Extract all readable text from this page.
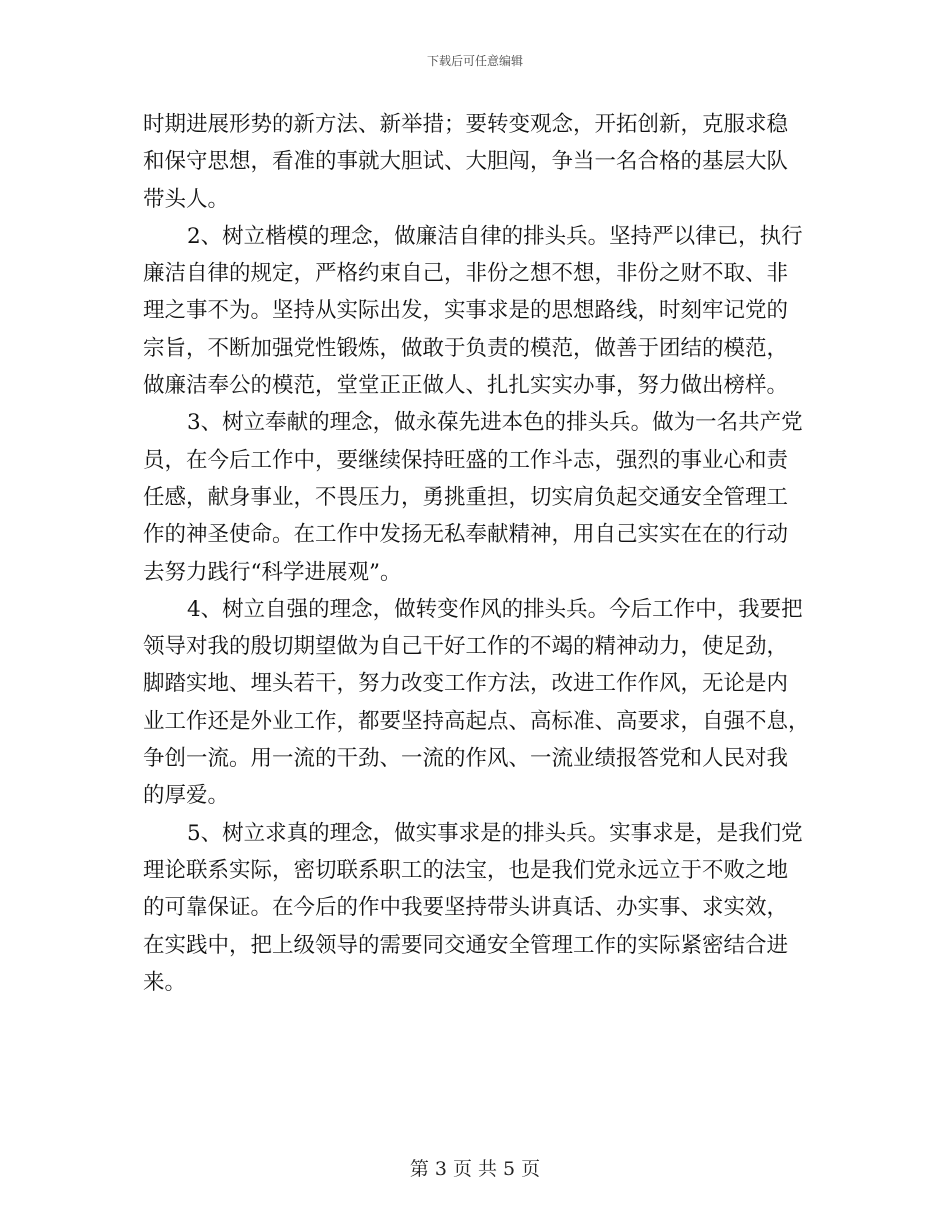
下载后可任意编辑
时期进展形势的新方法、新举措；要转变观念，开拓创新，克服求稳
和保守思想，看准的事就大胆试、大胆闯，争当一名合格的基层大队
带头人。
2、树立楷模的理念，做廉洁自律的排头兵。坚持严以律已，执行
廉洁自律的规定，严格约束自己，非份之想不想，非份之财不取、非
理之事不为。坚持从实际出发，实事求是的思想路线，时刻牢记党的
宗旨，不断加强党性锻炼，做敢于负责的模范，做善于团结的模范，
做廉洁奉公的模范，堂堂正正做人、扎扎实实办事，努力做出榜样。
3、树立奉献的理念，做永葆先进本色的排头兵。做为一名共产党
员，在今后工作中，要继续保持旺盛的工作斗志，强烈的事业心和责
任感，献身事业，不畏压力，勇挑重担，切实肩负起交通安全管理工
作的神圣使命。在工作中发扬无私奉献精神，用自己实实在在的行动
去努力践行“科学进展观”。
4、树立自强的理念，做转变作风的排头兵。今后工作中，我要把
领导对我的殷切期望做为自己干好工作的不竭的精神动力，使足劲，
脚踏实地、埋头若干，努力改变工作方法，改进工作作风，无论是内
业工作还是外业工作，都要坚持高起点、高标准、高要求，自强不息，
争创一流。用一流的干劲、一流的作风、一流业绩报答党和人民对我
的厚爱。
5、树立求真的理念，做实事求是的排头兵。实事求是，是我们党
理论联系实际，密切联系职工的法宝，也是我们党永远立于不败之地
的可靠保证。在今后的作中我要坚持带头讲真话、办实事、求实效，
在实践中，把上级领导的需要同交通安全管理工作的实际紧密结合进
来。
第 3 页 共 5 页
